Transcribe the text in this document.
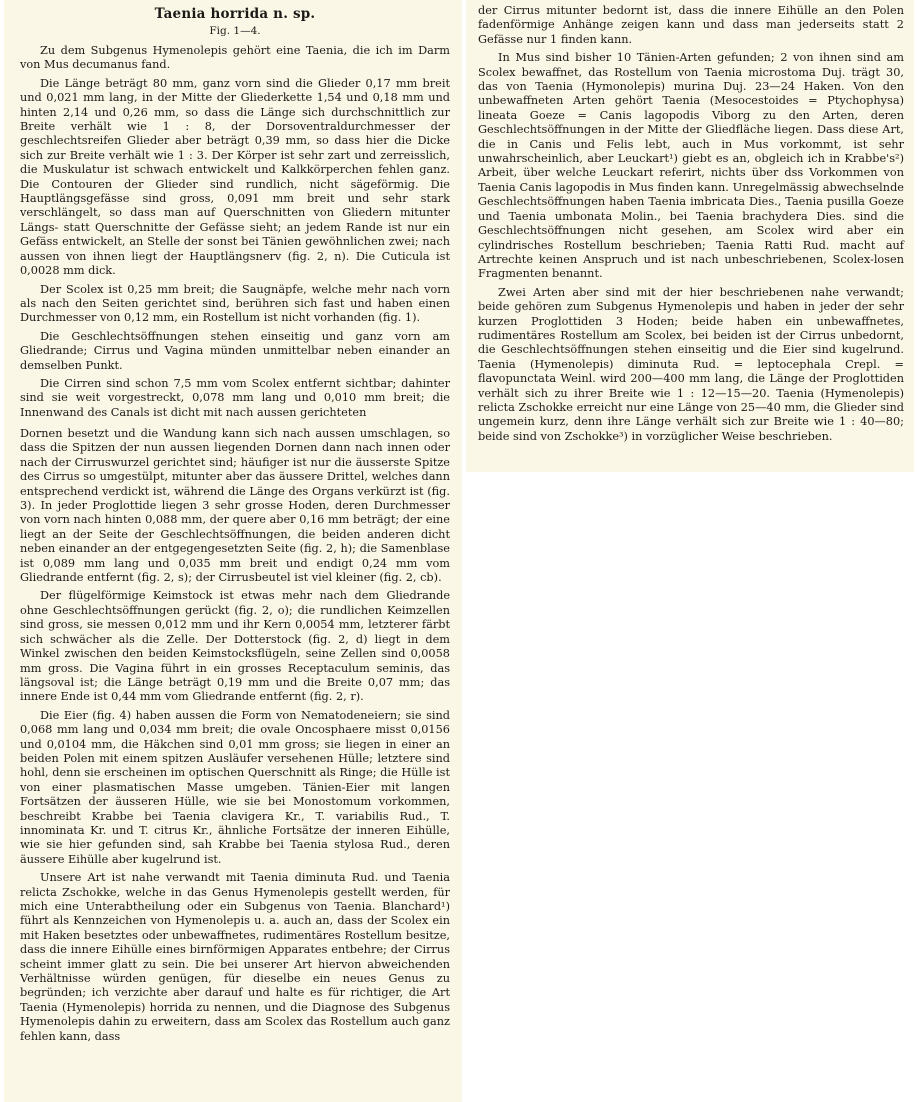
Taenia horrida n. sp.
Fig. 1—4.

Zu dem Subgenus Hymenolepis gehört eine Taenia, die ich im Darm von Mus decumanus fand.

Die Länge beträgt 80 mm, ganz vorn sind die Glieder 0,17 mm breit und 0,021 mm lang, in der Mitte der Gliederkette 1,54 und 0,18 mm und hinten 2,14 und 0,26 mm, so dass die Länge sich durchschnittlich zur Breite verhält wie 1 : 8, der Dorsoventraldurchmesser der geschlechtsreifen Glieder aber beträgt 0,39 mm, so dass hier die Dicke sich zur Breite verhält wie 1 : 3. Der Körper ist sehr zart und zerreisslich, die Muskulatur ist schwach entwickelt und Kalkkörperchen fehlen ganz. Die Contouren der Glieder sind rundlich, nicht sägeförmig. Die Hauptlängsgefässe sind gross, 0,091 mm breit und sehr stark verschlängelt, so dass man auf Querschnitten von Gliedern mitunter Längs- statt Querschnitte der Gefässe sieht; an jedem Rande ist nur ein Gefäss entwickelt, an Stelle der sonst bei Tänien gewöhnlichen zwei; nach aussen von ihnen liegt der Hauptlängsnerv (fig. 2, n). Die Cuticula ist 0,0028 mm dick.

Der Scolex ist 0,25 mm breit; die Saugnäpfe, welche mehr nach vorn als nach den Seiten gerichtet sind, berühren sich fast und haben einen Durchmesser von 0,12 mm, ein Rostellum ist nicht vorhanden (fig. 1).

Die Geschlechtsöffnungen stehen einseitig und ganz vorn am Gliedrande; Cirrus und Vagina münden unmittelbar neben einander an demselben Punkt.

Die Cirren sind schon 7,5 mm vom Scolex entfernt sichtbar; dahinter sind sie weit vorgestreckt, 0,078 mm lang und 0,010 mm breit; die Innenwand des Canals ist dicht mit nach aussen gerichteten

Dornen besetzt und die Wandung kann sich nach aussen umschlagen, so dass die Spitzen der nun aussen liegenden Dornen dann nach innen oder nach der Cirruswurzel gerichtet sind; häufiger ist nur die äusserste Spitze des Cirrus so umgestülpt, mitunter aber das äussere Drittel, welches dann entsprechend verdickt ist, während die Länge des Organs verkürzt ist (fig. 3). In jeder Proglottide liegen 3 sehr grosse Hoden, deren Durchmesser von vorn nach hinten 0,088 mm, der quere aber 0,16 mm beträgt; der eine liegt an der Seite der Geschlechtsöffnungen, die beiden anderen dicht neben einander an der entgegengesetzten Seite (fig. 2, h); die Samenblase ist 0,089 mm lang und 0,035 mm breit und endigt 0,24 mm vom Gliedrande entfernt (fig. 2, s); der Cirrusbeutel ist viel kleiner (fig. 2, cb).

Der flügelförmige Keimstock ist etwas mehr nach dem Gliedrande ohne Geschlechtsöffnungen gerückt (fig. 2, o); die rundlichen Keimzellen sind gross, sie messen 0,012 mm und ihr Kern 0,0054 mm, letzterer färbt sich schwächer als die Zelle. Der Dotterstock (fig. 2, d) liegt in dem Winkel zwischen den beiden Keimstocksflügeln, seine Zellen sind 0,0058 mm gross. Die Vagina führt in ein grosses Receptaculum seminis, das längsoval ist; die Länge beträgt 0,19 mm und die Breite 0,07 mm; das innere Ende ist 0,44 mm vom Gliedrande entfernt (fig. 2, r).

Die Eier (fig. 4) haben aussen die Form von Nematodeneiern; sie sind 0,068 mm lang und 0,034 mm breit; die ovale Oncosphaere misst 0,0156 und 0,0104 mm, die Häkchen sind 0,01 mm gross; sie liegen in einer an beiden Polen mit einem spitzen Ausläufer versehenen Hülle; letztere sind hohl, denn sie erscheinen im optischen Querschnitt als Ringe; die Hülle ist von einer plasmatischen Masse umgeben. Tänien-Eier mit langen Fortsätzen der äusseren Hülle, wie sie bei Monostomum vorkommen, beschreibt Krabbe bei Taenia clavigera Kr., T. variabilis Rud., T. innominata Kr. und T. citrus Kr., ähnliche Fortsätze der inneren Eihülle, wie sie hier gefunden sind, sah Krabbe bei Taenia stylosa Rud., deren äussere Eihülle aber kugelrund ist.

Unsere Art ist nahe verwandt mit Taenia diminuta Rud. und Taenia relicta Zschokke, welche in das Genus Hymenolepis gestellt werden, für mich eine Unterabtheilung oder ein Subgenus von Taenia. Blanchard¹) führt als Kennzeichen von Hymenolepis u. a. auch an, dass der Scolex ein mit Haken besetztes oder unbewaffnetes, rudimentäres Rostellum besitze, dass die innere Eihülle eines birnförmigen Apparates entbehre; der Cirrus scheint immer glatt zu sein. Die bei unserer Art hiervon abweichenden Verhältnisse würden genügen, für dieselbe ein neues Genus zu begründen; ich verzichte aber darauf und halte es für richtiger, die Art Taenia (Hymenolepis) horrida zu nennen, und die Diagnose des Subgenus Hymenolepis dahin zu erweitern, dass am Scolex das Rostellum auch ganz fehlen kann, dass

der Cirrus mitunter bedornt ist, dass die innere Eihülle an den Polen fadenförmige Anhänge zeigen kann und dass man jederseits statt 2 Gefässe nur 1 finden kann.

In Mus sind bisher 10 Tänien-Arten gefunden; 2 von ihnen sind am Scolex bewaffnet, das Rostellum von Taenia microstoma Duj. trägt 30, das von Taenia (Hymonolepis) murina Duj. 23—24 Haken. Von den unbewaffneten Arten gehört Taenia (Mesocestoides = Ptychophysa) lineata Goeze = Canis lagopodis Viborg zu den Arten, deren Geschlechtsöffnungen in der Mitte der Gliedfläche liegen. Dass diese Art, die in Canis und Felis lebt, auch in Mus vorkommt, ist sehr unwahrscheinlich, aber Leuckart¹) giebt es an, obgleich ich in Krabbe's²) Arbeit, über welche Leuckart referirt, nichts über dss Vorkommen von Taenia Canis lagopodis in Mus finden kann. Unregelmässig abwechselnde Geschlechtsöffnungen haben Taenia imbricata Dies., Taenia pusilla Goeze und Taenia umbonata Molin., bei Taenia brachydera Dies. sind die Geschlechtsöffnungen nicht gesehen, am Scolex wird aber ein cylindrisches Rostellum beschrieben; Taenia Ratti Rud. macht auf Artrechte keinen Anspruch und ist nach unbeschriebenen, Scolex-losen Fragmenten benannt.

Zwei Arten aber sind mit der hier beschriebenen nahe verwandt; beide gehören zum Subgenus Hymenolepis und haben in jeder der sehr kurzen Proglottiden 3 Hoden; beide haben ein unbewaffnetes, rudimentäres Rostellum am Scolex, bei beiden ist der Cirrus unbedornt, die Geschlechtsöffnungen stehen einseitig und die Eier sind kugelrund. Taenia (Hymenolepis) diminuta Rud. = leptocephala Crepl. = flavopunctata Weinl. wird 200—400 mm lang, die Länge der Proglottiden verhält sich zu ihrer Breite wie 1 : 12—15—20. Taenia (Hymenolepis) relicta Zschokke erreicht nur eine Länge von 25—40 mm, die Glieder sind ungemein kurz, denn ihre Länge verhält sich zur Breite wie 1 : 40—80; beide sind von Zschokke³) in vorzüglicher Weise beschrieben.
